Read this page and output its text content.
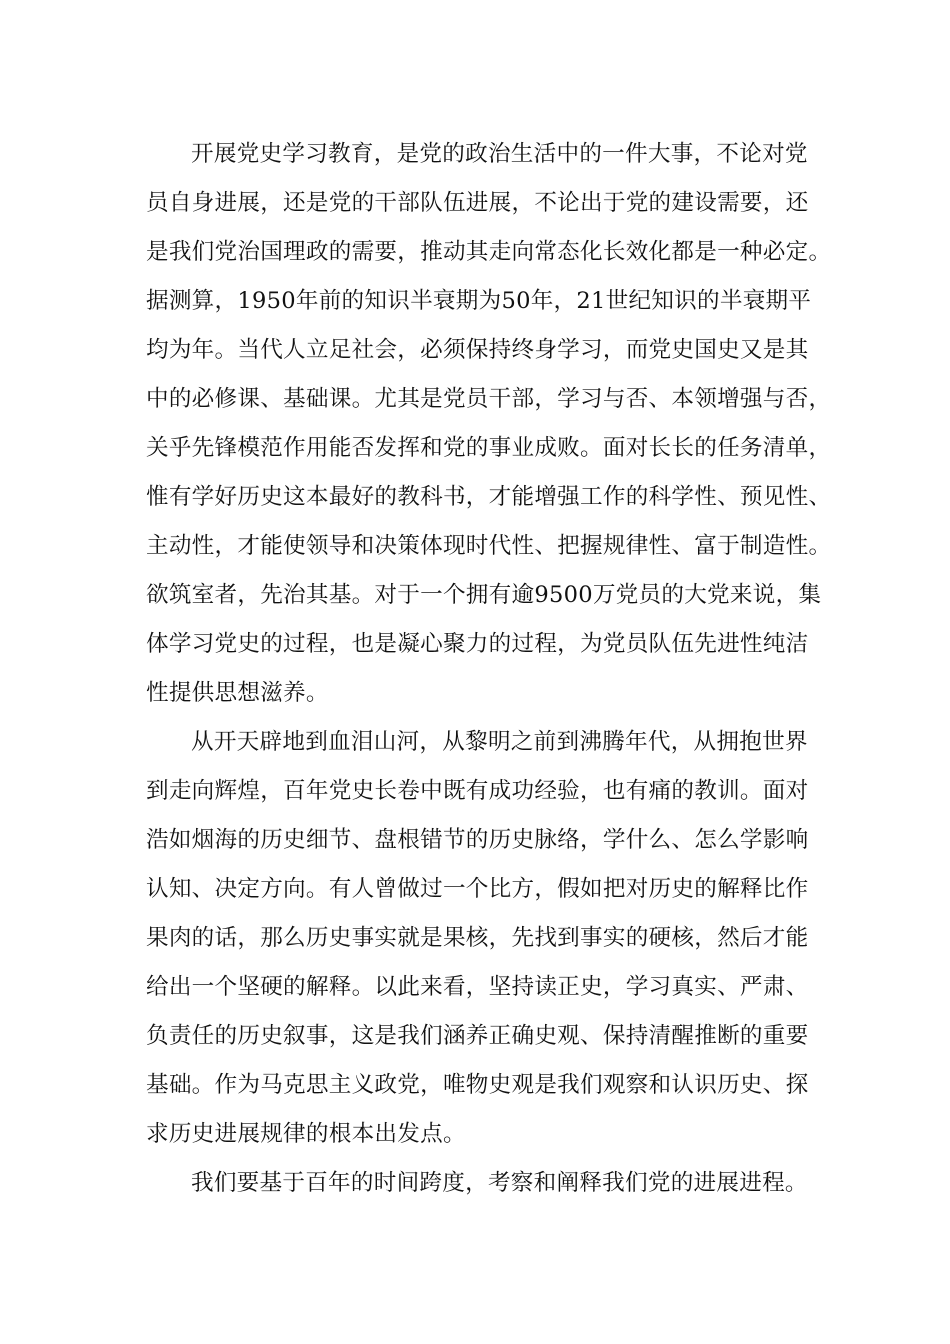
开展党史学习教育，是党的政治生活中的一件大事，不论对党
员自身进展，还是党的干部队伍进展，不论出于党的建设需要，还
是我们党治国理政的需要，推动其走向常态化长效化都是一种必定。
据测算，1950年前的知识半衰期为50年，21世纪知识的半衰期平
均为年。当代人立足社会，必须保持终身学习，而党史国史又是其
中的必修课、基础课。尤其是党员干部，学习与否、本领增强与否，
关乎先锋模范作用能否发挥和党的事业成败。面对长长的任务清单，
惟有学好历史这本最好的教科书，才能增强工作的科学性、预见性、
主动性，才能使领导和决策体现时代性、把握规律性、富于制造性。
欲筑室者，先治其基。对于一个拥有逾9500万党员的大党来说，集
体学习党史的过程，也是凝心聚力的过程，为党员队伍先进性纯洁
性提供思想滋养。
从开天辟地到血泪山河，从黎明之前到沸腾年代，从拥抱世界
到走向辉煌，百年党史长卷中既有成功经验，也有痛的教训。面对
浩如烟海的历史细节、盘根错节的历史脉络，学什么、怎么学影响
认知、决定方向。有人曾做过一个比方，假如把对历史的解释比作
果肉的话，那么历史事实就是果核，先找到事实的硬核，然后才能
给出一个坚硬的解释。以此来看，坚持读正史，学习真实、严肃、
负责任的历史叙事，这是我们涵养正确史观、保持清醒推断的重要
基础。作为马克思主义政党，唯物史观是我们观察和认识历史、探
求历史进展规律的根本出发点。
我们要基于百年的时间跨度，考察和阐释我们党的进展进程。
